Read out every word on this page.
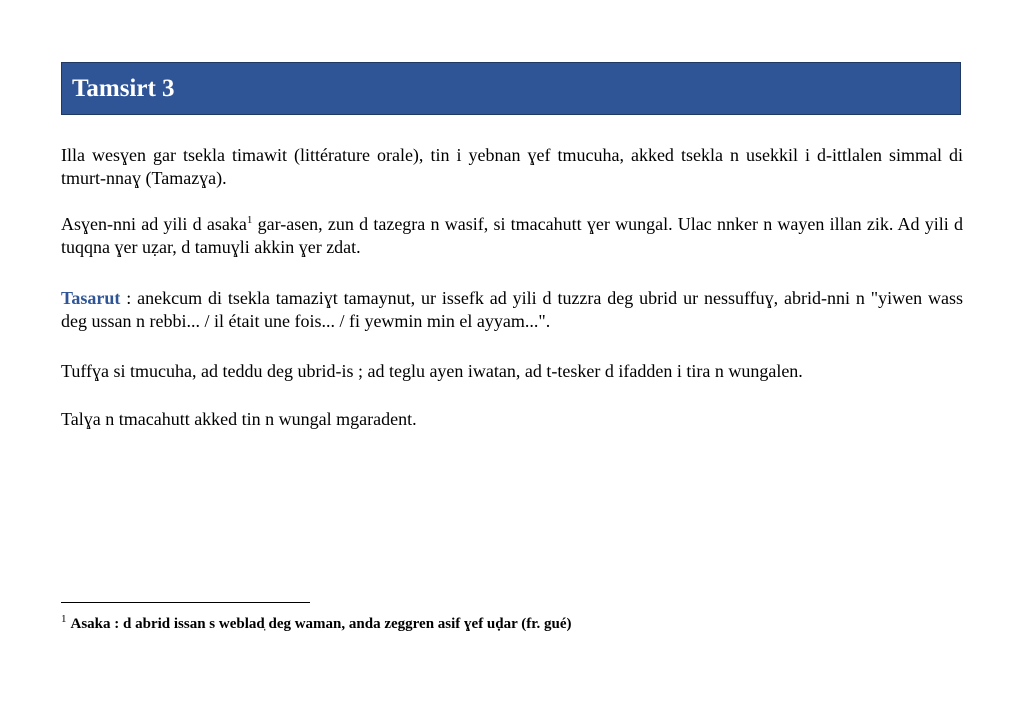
Tamsirt 3

Illa wesɣen gar tsekla timawit (littérature orale), tin i yebnan ɣef tmucuha, akked tsekla n usekkil i d-ittlalen simmal di tmurt-nnaɣ (Tamazɣa).

Asɣen-nni ad yili d asaka$^1$ gar-asen, zun d tazegra n wasif, si tmacahutt ɣer wungal. Ulac nnker n wayen illan zik. Ad yili d tuqqna ɣer uẓar, d tamuɣli akkin ɣer zdat.

Tasarut : anekcum di tsekla tamaziɣt tamaynut, ur issefk ad yili d tuzzra deg ubrid ur nessuffuɣ, abrid-nni n "yiwen wass deg ussan n rebbi... / il était une fois... / fi yewmin min el ayyam...".

Tuffɣa si tmucuha, ad teddu deg ubrid-is ; ad teglu ayen iwatan, ad t-tesker d ifadden i tira n wungalen.

Talɣa n tmacahutt akked tin n wungal mgaradent.

$^1$ Asaka : d abrid issan s webladֽ deg waman, anda zeggren asif ɣef uḍar (fr. gué)
